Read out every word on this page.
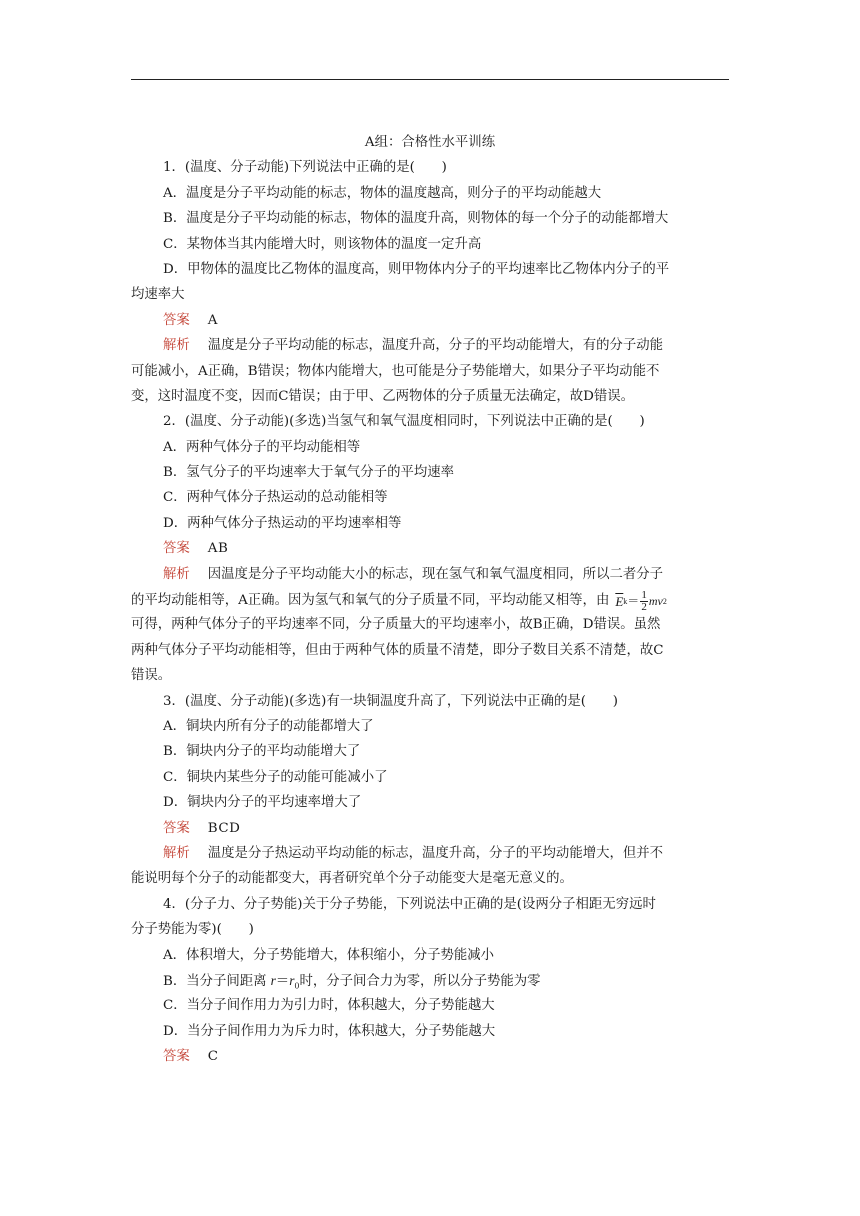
A组：合格性水平训练
1．(温度、分子动能)下列说法中正确的是(　　)
A．温度是分子平均动能的标志，物体的温度越高，则分子的平均动能越大
B．温度是分子平均动能的标志，物体的温度升高，则物体的每一个分子的动能都增大
C．某物体当其内能增大时，则该物体的温度一定升高
D．甲物体的温度比乙物体的温度高，则甲物体内分子的平均速率比乙物体内分子的平
均速率大
答案 A
解析 温度是分子平均动能的标志，温度升高，分子的平均动能增大，有的分子动能
可能减小，A正确，B错误；物体内能增大，也可能是分子势能增大，如果分子平均动能不
变，这时温度不变，因而C错误；由于甲、乙两物体的分子质量无法确定，故D错误。
2．(温度、分子动能)(多选)当氢气和氧气温度相同时，下列说法中正确的是(　　)
A．两种气体分子的平均动能相等
B．氢气分子的平均速率大于氧气分子的平均速率
C．两种气体分子热运动的总动能相等
D．两种气体分子热运动的平均速率相等
答案 AB
解析 因温度是分子平均动能大小的标志，现在氢气和氧气温度相同，所以二者分子
的平均动能相等，A正确。因为氢气和氧气的分子质量不同，平均动能又相等，由 $\overline{E}$ $k = \frac{1}{2}$ mv 2
可得，两种气体分子的平均速率不同，分子质量大的平均速率小，故B正确，D错误。虽然
两种气体分子平均动能相等，但由于两种气体的质量不清楚，即分子数目关系不清楚，故C
错误。
3．(温度、分子动能)(多选)有一块铜温度升高了，下列说法中正确的是(　　)
A．铜块内所有分子的动能都增大了
B．铜块内分子的平均动能增大了
C．铜块内某些分子的动能可能减小了
D．铜块内分子的平均速率增大了
答案 BCD
解析 温度是分子热运动平均动能的标志，温度升高，分子的平均动能增大，但并不
能说明每个分子的动能都变大，再者研究单个分子动能变大是毫无意义的。
4．(分子力、分子势能)关于分子势能，下列说法中正确的是(设两分子相距无穷远时
分子势能为零)(　　)
A．体积增大，分子势能增大，体积缩小，分子势能减小
B．当分子间距离 $r=r_0$时，分子间合力为零，所以分子势能为零
C．当分子间作用力为引力时，体积越大，分子势能越大
D．当分子间作用力为斥力时，体积越大，分子势能越大
答案 C
